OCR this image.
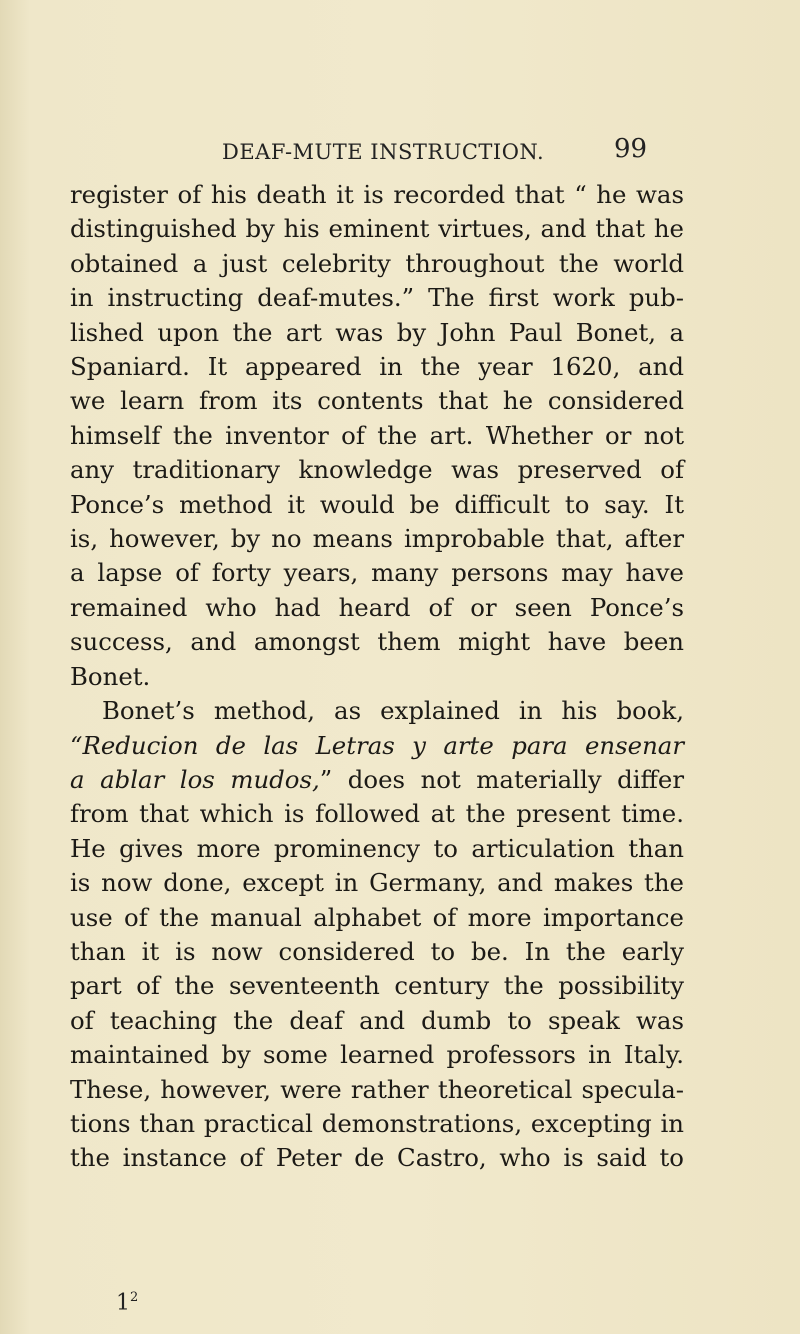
DEAF-MUTE INSTRUCTION.	99

register of his death it is recorded that “ he was
distinguished by his eminent virtues, and that he
obtained a just celebrity throughout the world
in instructing deaf-mutes.” The first work pub-
lished upon the art was by John Paul Bonet, a
Spaniard. It appeared in the year 1620, and
we learn from its contents that he considered
himself the inventor of the art. Whether or not
any traditionary knowledge was preserved of
Ponce’s method it would be difficult to say. It
is, however, by no means improbable that, after
a lapse of forty years, many persons may have
remained who had heard of or seen Ponce’s
success, and amongst them might have been
Bonet.

Bonet’s method, as explained in his book,
“Reducion de las Letras y arte para ensenar
a ablar los mudos,” does not materially differ
from that which is followed at the present time.
He gives more prominency to articulation than
is now done, except in Germany, and makes the
use of the manual alphabet of more importance
than it is now considered to be. In the early
part of the seventeenth century the possibility
of teaching the deaf and dumb to speak was
maintained by some learned professors in Italy.
These, however, were rather theoretical specula-
tions than practical demonstrations, excepting in
the instance of Peter de Castro, who is said to

$1^2$
